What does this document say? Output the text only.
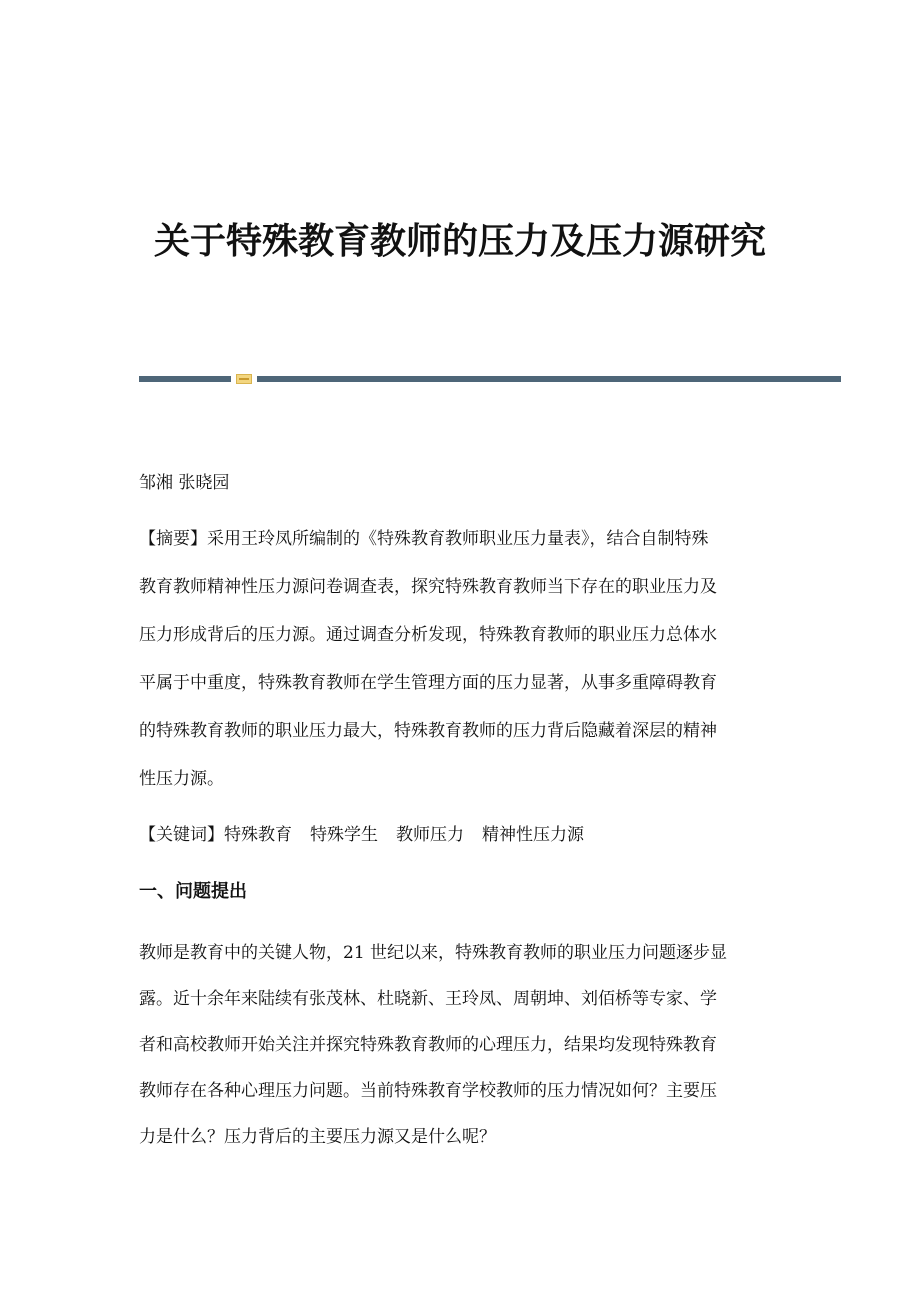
关于特殊教育教师的压力及压力源研究
邹湘 张晓园
【摘要】采用王玲凤所编制的《特殊教育教师职业压力量表》，结合自制特殊
教育教师精神性压力源问卷调查表，探究特殊教育教师当下存在的职业压力及
压力形成背后的压力源。通过调查分析发现，特殊教育教师的职业压力总体水
平属于中重度，特殊教育教师在学生管理方面的压力显著，从事多重障碍教育
的特殊教育教师的职业压力最大，特殊教育教师的压力背后隐藏着深层的精神
性压力源。
【关键词】特殊教育 特殊学生 教师压力 精神性压力源
一、问题提出
教师是教育中的关键人物，21 世纪以来，特殊教育教师的职业压力问题逐步显
露。近十余年来陆续有张茂林、杜晓新、王玲凤、周朝坤、刘佰桥等专家、学
者和高校教师开始关注并探究特殊教育教师的心理压力，结果均发现特殊教育
教师存在各种心理压力问题。当前特殊教育学校教师的压力情况如何？主要压
力是什么？压力背后的主要压力源又是什么呢？
